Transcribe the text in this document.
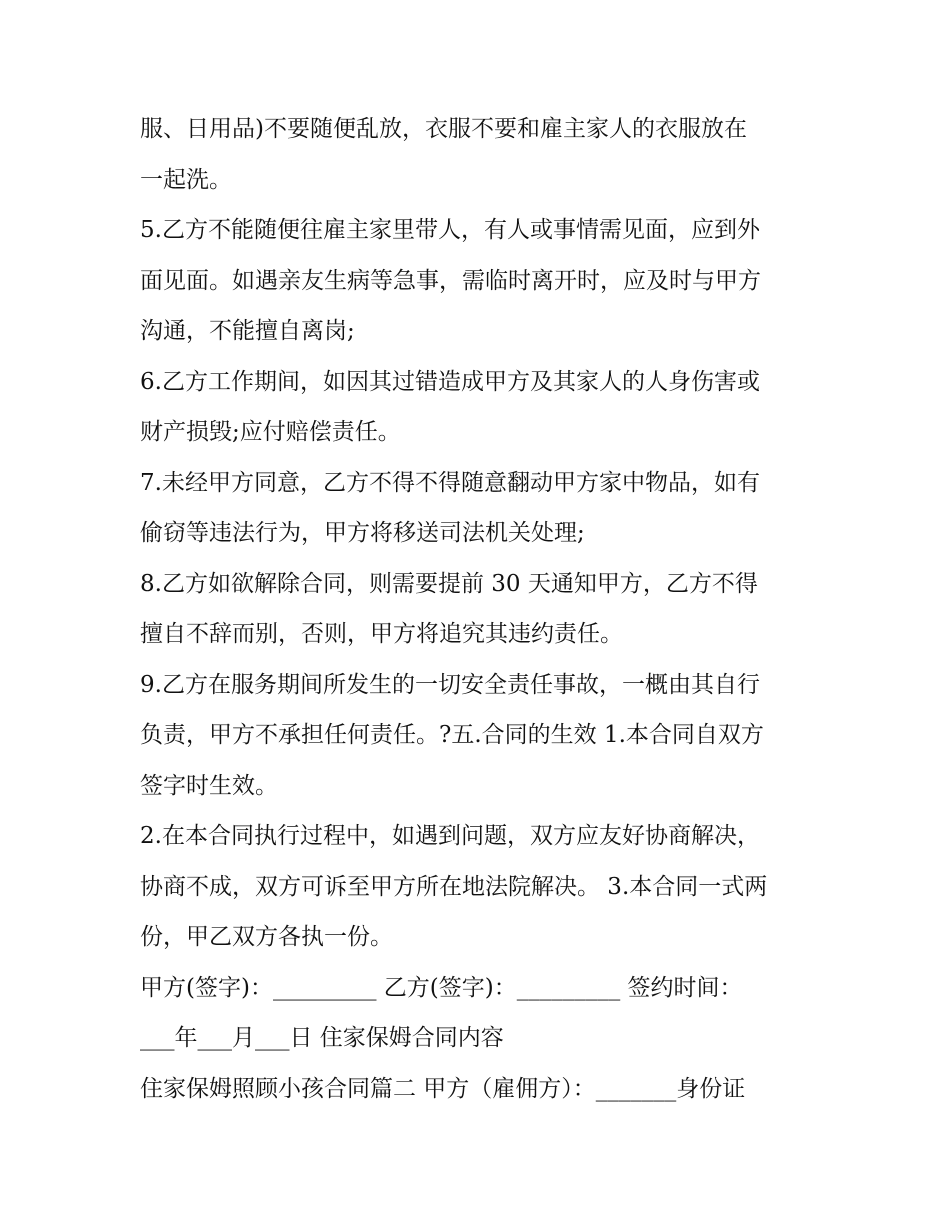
服、日用品)不要随便乱放，衣服不要和雇主家人的衣服放在
一起洗。
5.乙方不能随便往雇主家里带人，有人或事情需见面，应到外
面见面。如遇亲友生病等急事，需临时离开时，应及时与甲方
沟通，不能擅自离岗;
6.乙方工作期间，如因其过错造成甲方及其家人的人身伤害或
财产损毁;应付赔偿责任。
7.未经甲方同意，乙方不得不得随意翻动甲方家中物品，如有
偷窃等违法行为，甲方将移送司法机关处理;
8.乙方如欲解除合同，则需要提前 30 天通知甲方，乙方不得
擅自不辞而别，否则，甲方将追究其违约责任。
9.乙方在服务期间所发生的一切安全责任事故，一概由其自行
负责，甲方不承担任何责任。?五.合同的生效 1.本合同自双方
签字时生效。
2.在本合同执行过程中，如遇到问题，双方应友好协商解决，
协商不成，双方可诉至甲方所在地法院解决。 3.本合同一式两
份，甲乙双方各执一份。
甲方(签字)：_________ 乙方(签字)：_________ 签约时间：
___年___月___日 住家保姆合同内容
住家保姆照顾小孩合同篇二 甲方（雇佣方）：_______身份证
